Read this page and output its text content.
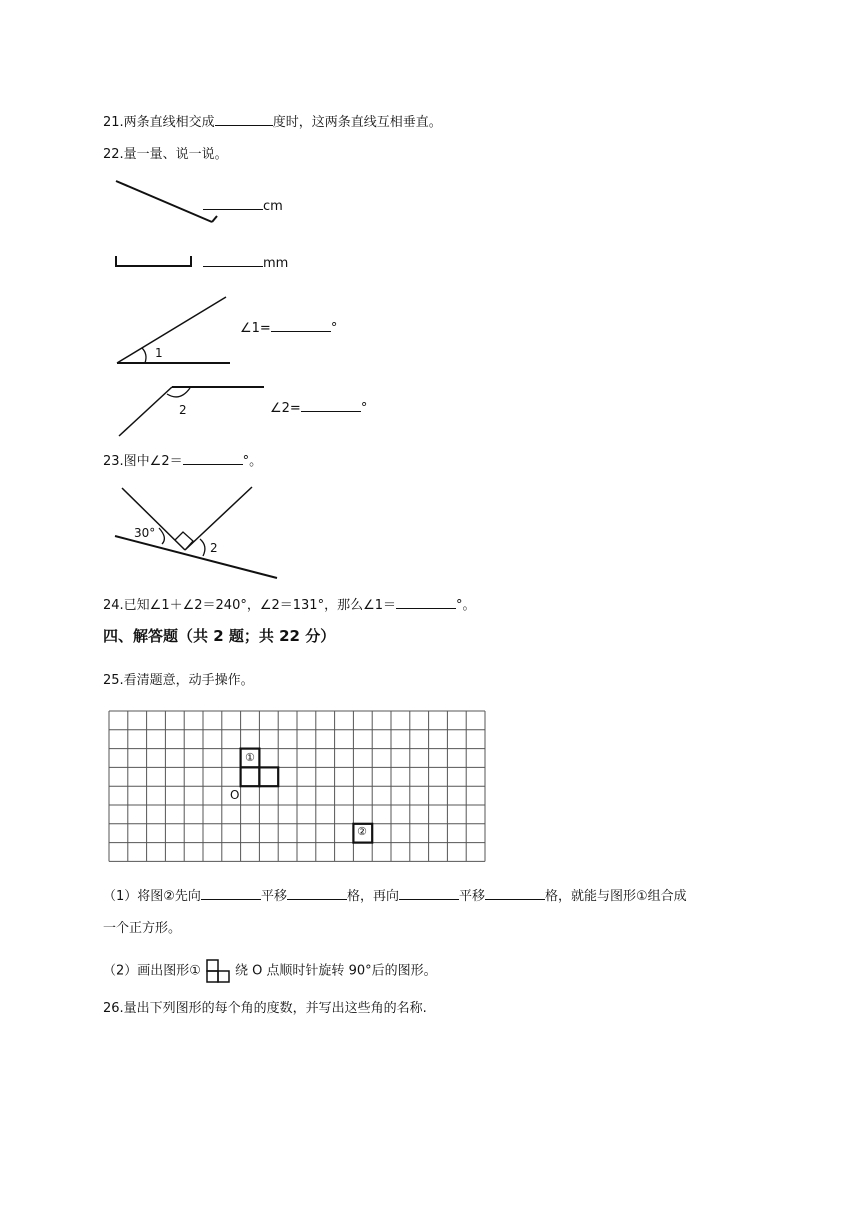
21.两条直线相交成	度时，这两条直线互相垂直。
22.量一量、说一说。
cm
mm
1
∠1=	°
2	∠2=	°
23.图中∠2＝	°。
30°
2
24.已知∠1＋∠2＝240°，∠2＝131°，那么∠1＝	°。
四、解答题（共 2 题；共 22 分）
25.看清题意，动手操作。
①
②
O
（1）将图②先向	平移	格，再向	平移	格，就能与图形①组合成
一个正方形。
（2）画出图形①	绕 O 点顺时针旋转 90°后的图形。
26.量出下列图形的每个角的度数，并写出这些角的名称.
